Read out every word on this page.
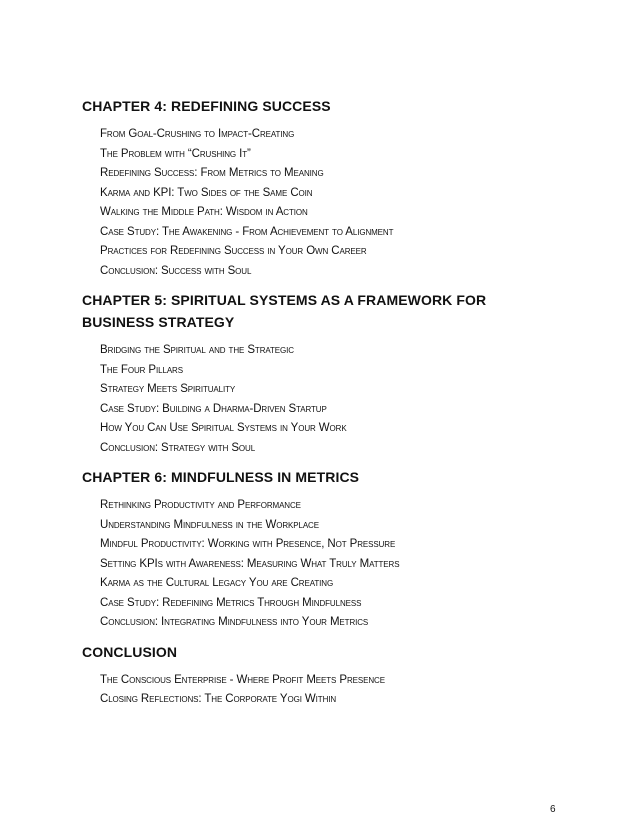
CHAPTER 4: REDEFINING SUCCESS
From Goal-Crushing to Impact-Creating
The Problem with “Crushing It”
Redefining Success: From Metrics to Meaning
Karma and KPI: Two Sides of the Same Coin
Walking the Middle Path: Wisdom in Action
Case Study: The Awakening - From Achievement to Alignment
Practices for Redefining Success in Your Own Career
Conclusion: Success with Soul
CHAPTER 5: SPIRITUAL SYSTEMS AS A FRAMEWORK FOR BUSINESS STRATEGY
Bridging the Spiritual and the Strategic
The Four Pillars
Strategy Meets Spirituality
Case Study: Building a Dharma-Driven Startup
How You Can Use Spiritual Systems in Your Work
Conclusion: Strategy with Soul
CHAPTER 6: MINDFULNESS IN METRICS
Rethinking Productivity and Performance
Understanding Mindfulness in the Workplace
Mindful Productivity: Working with Presence, Not Pressure
Setting KPIs with Awareness: Measuring What Truly Matters
Karma as the Cultural Legacy You are Creating
Case Study: Redefining Metrics Through Mindfulness
Conclusion: Integrating Mindfulness into Your Metrics
CONCLUSION
The Conscious Enterprise - Where Profit Meets Presence
Closing Reflections: The Corporate Yogi Within
6
